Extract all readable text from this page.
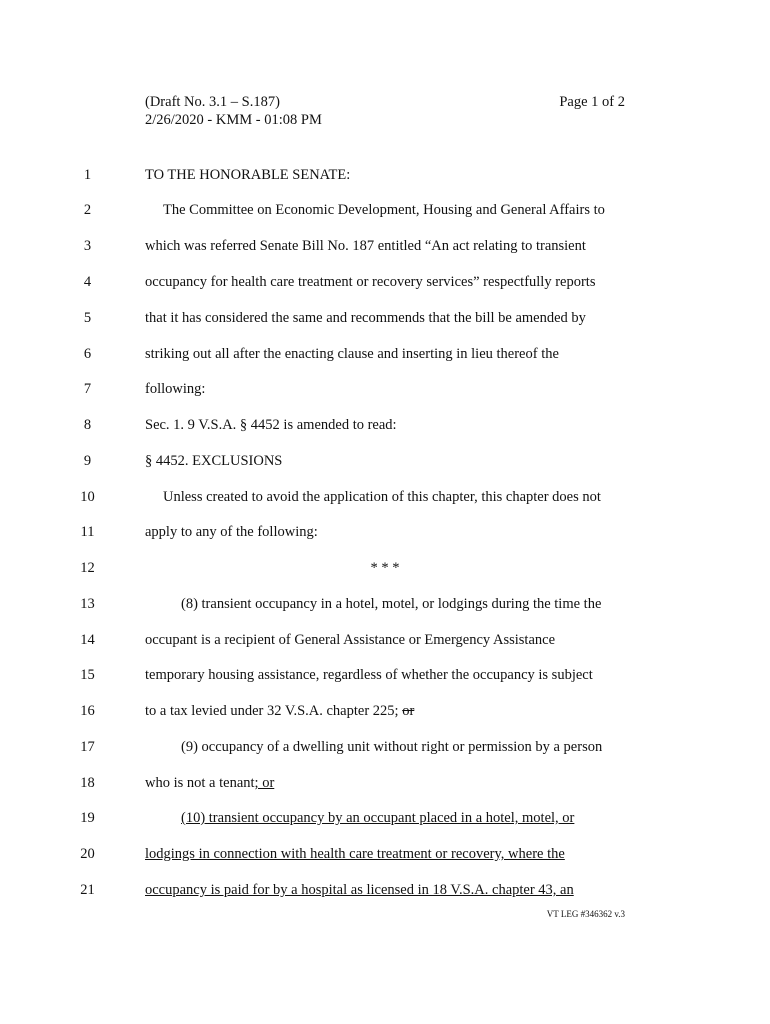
(Draft No. 3.1 – S.187)
2/26/2020 - KMM - 01:08 PM
Page 1 of 2
1	TO THE HONORABLE SENATE:
2	The Committee on Economic Development, Housing and General Affairs to
3	which was referred Senate Bill No. 187 entitled “An act relating to transient
4	occupancy for health care treatment or recovery services” respectfully reports
5	that it has considered the same and recommends that the bill be amended by
6	striking out all after the enacting clause and inserting in lieu thereof the
7	following:
8	Sec. 1. 9 V.S.A. § 4452 is amended to read:
9	§ 4452. EXCLUSIONS
10	Unless created to avoid the application of this chapter, this chapter does not
11	apply to any of the following:
12	* * *
13	(8) transient occupancy in a hotel, motel, or lodgings during the time the
14	occupant is a recipient of General Assistance or Emergency Assistance
15	temporary housing assistance, regardless of whether the occupancy is subject
16	to a tax levied under 32 V.S.A. chapter 225; or
17	(9) occupancy of a dwelling unit without right or permission by a person
18	who is not a tenant; or
19	(10) transient occupancy by an occupant placed in a hotel, motel, or
20	lodgings in connection with health care treatment or recovery, where the
21	occupancy is paid for by a hospital as licensed in 18 V.S.A. chapter 43, an
VT LEG #346362 v.3
